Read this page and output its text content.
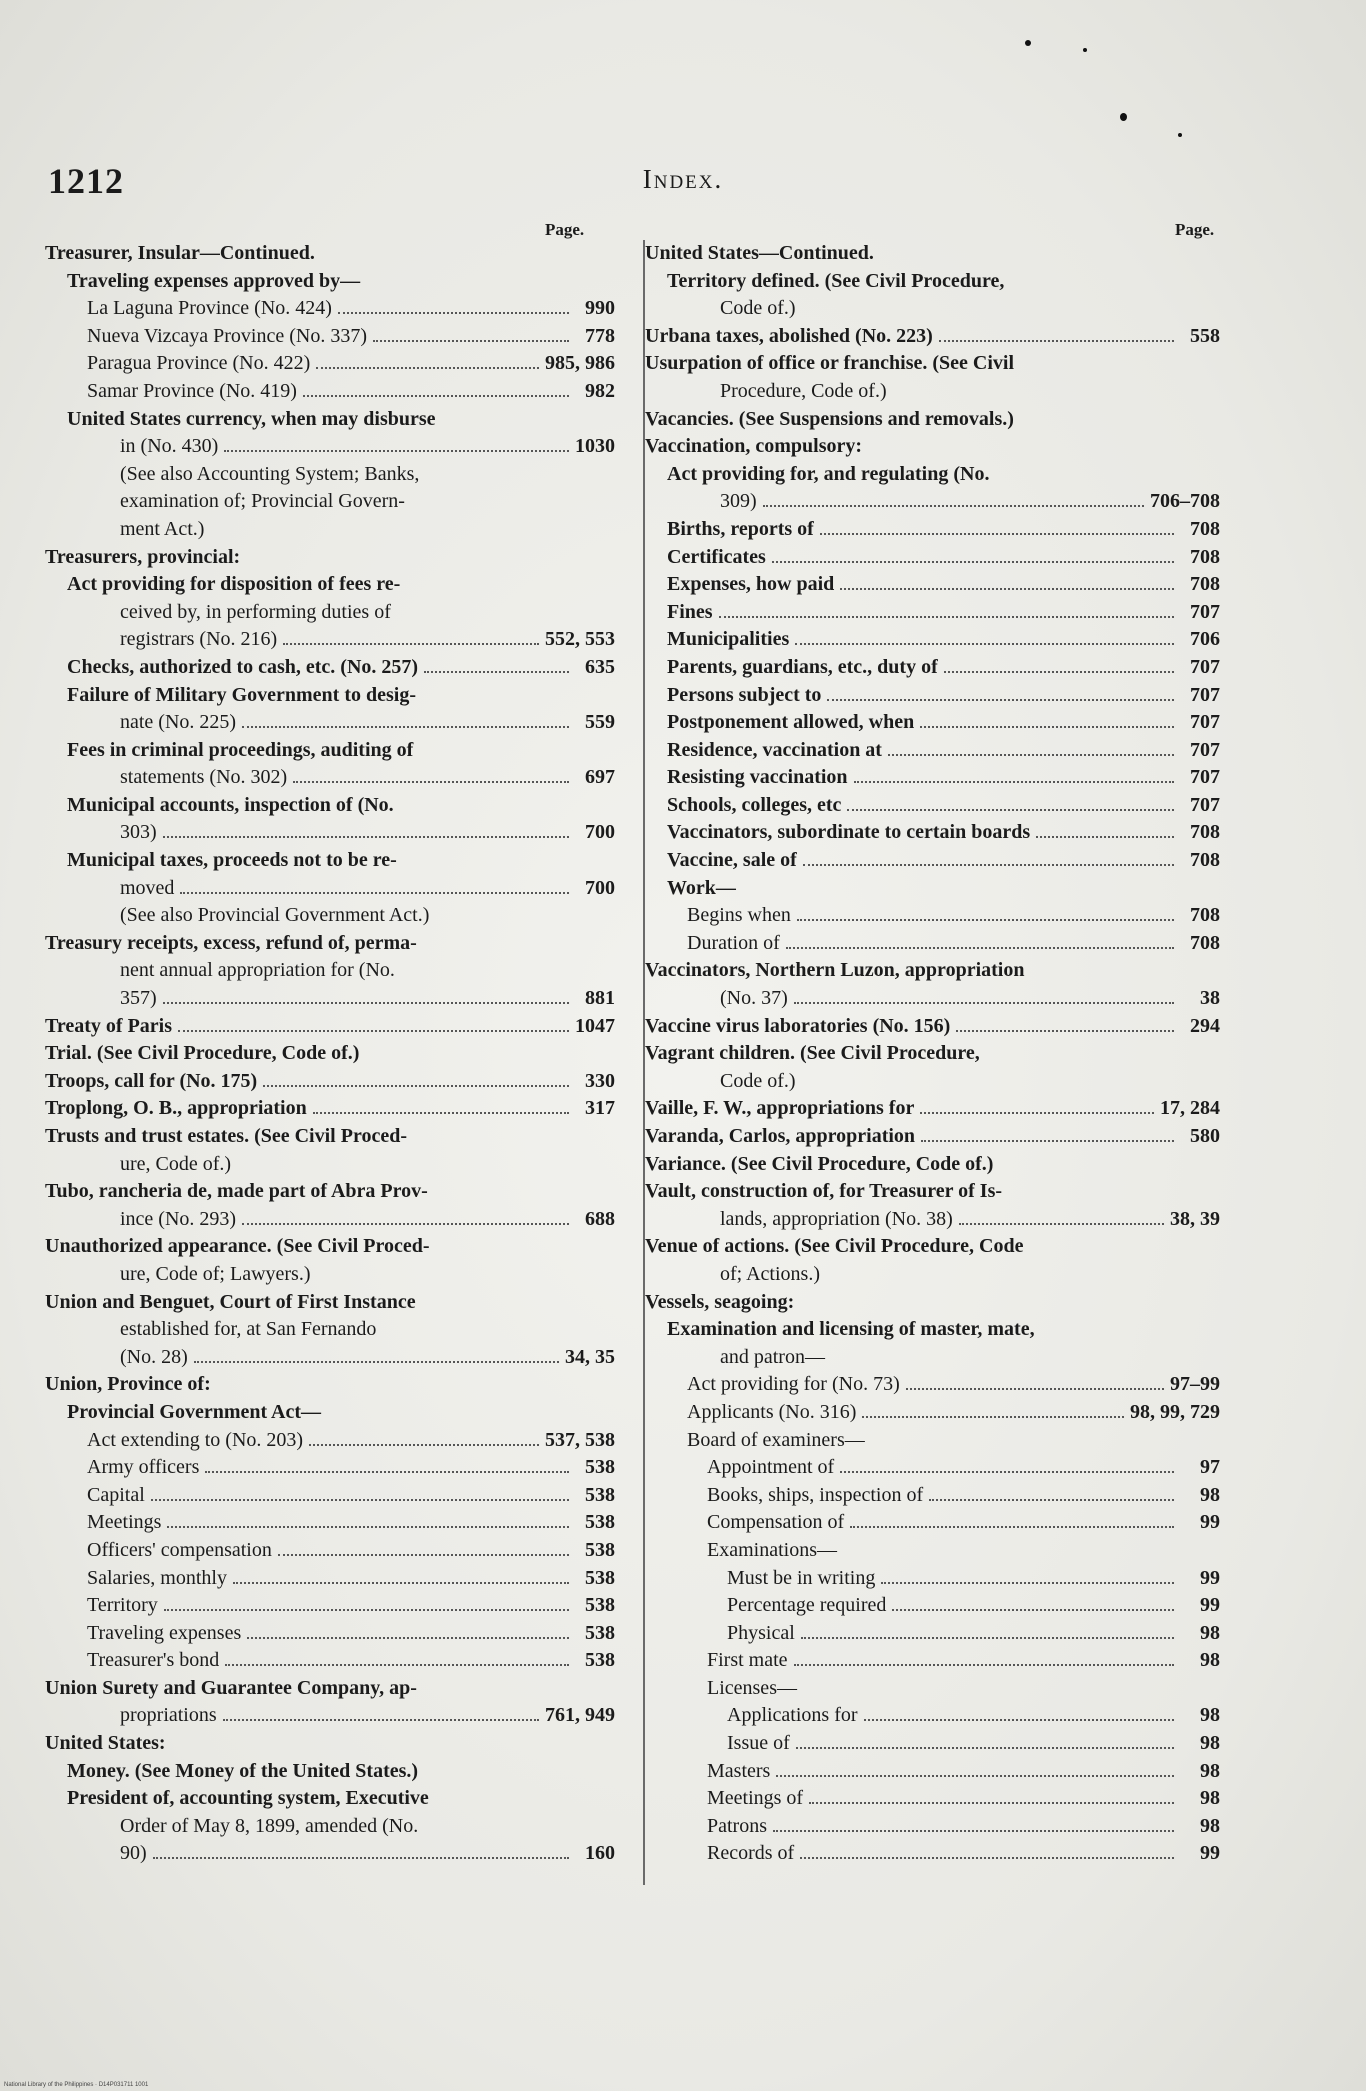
1212	Index.
Page.	Page.
Treasurer, Insular—Continued.
Traveling expenses approved by—
La Laguna Province (No. 424)	990
Nueva Vizcaya Province (No. 337)	778
Paragua Province (No. 422)	985, 986
Samar Province (No. 419)	982
United States currency, when may disburse
in (No. 430)	1030
(See also Accounting System; Banks,
examination of; Provincial Govern-
ment Act.)
Treasurers, provincial:
Act providing for disposition of fees re-
ceived by, in performing duties of
registrars (No. 216)	552, 553
Checks, authorized to cash, etc. (No. 257)	635
Failure of Military Government to desig-
nate (No. 225)	559
Fees in criminal proceedings, auditing of
statements (No. 302)	697
Municipal accounts, inspection of (No.
303)	700
Municipal taxes, proceeds not to be re-
moved	700
(See also Provincial Government Act.)
Treasury receipts, excess, refund of, perma-
nent annual appropriation for (No.
357)	881
Treaty of Paris	1047
Trial. (See Civil Procedure, Code of.)
Troops, call for (No. 175)	330
Troplong, O. B., appropriation	317
Trusts and trust estates. (See Civil Proced-
ure, Code of.)
Tubo, rancheria de, made part of Abra Prov-
ince (No. 293)	688
Unauthorized appearance. (See Civil Proced-
ure, Code of; Lawyers.)
Union and Benguet, Court of First Instance
established for, at San Fernando
(No. 28)	34, 35
Union, Province of:
Provincial Government Act—
Act extending to (No. 203)	537, 538
Army officers	538
Capital	538
Meetings	538
Officers' compensation	538
Salaries, monthly	538
Territory	538
Traveling expenses	538
Treasurer's bond	538
Union Surety and Guarantee Company, ap-
propriations	761, 949
United States:
Money. (See Money of the United States.)
President of, accounting system, Executive
Order of May 8, 1899, amended (No.
90)	160
United States—Continued.
Territory defined. (See Civil Procedure,
Code of.)
Urbana taxes, abolished (No. 223)	558
Usurpation of office or franchise. (See Civil
Procedure, Code of.)
Vacancies. (See Suspensions and removals.)
Vaccination, compulsory:
Act providing for, and regulating (No.
309)	706–708
Births, reports of	708
Certificates	708
Expenses, how paid	708
Fines	707
Municipalities	706
Parents, guardians, etc., duty of	707
Persons subject to	707
Postponement allowed, when	707
Residence, vaccination at	707
Resisting vaccination	707
Schools, colleges, etc	707
Vaccinators, subordinate to certain boards	708
Vaccine, sale of	708
Work—
Begins when	708
Duration of	708
Vaccinators, Northern Luzon, appropriation
(No. 37)	38
Vaccine virus laboratories (No. 156)	294
Vagrant children. (See Civil Procedure,
Code of.)
Vaille, F. W., appropriations for	17, 284
Varanda, Carlos, appropriation	580
Variance. (See Civil Procedure, Code of.)
Vault, construction of, for Treasurer of Is-
lands, appropriation (No. 38)	38, 39
Venue of actions. (See Civil Procedure, Code
of; Actions.)
Vessels, seagoing:
Examination and licensing of master, mate,
and patron—
Act providing for (No. 73)	97–99
Applicants (No. 316)	98, 99, 729
Board of examiners—
Appointment of	97
Books, ships, inspection of	98
Compensation of	99
Examinations—
Must be in writing	99
Percentage required	99
Physical	98
First mate	98
Licenses—
Applications for	98
Issue of	98
Masters	98
Meetings of	98
Patrons	98
Records of	99
National Library of the Philippines · D14P031711 1001
